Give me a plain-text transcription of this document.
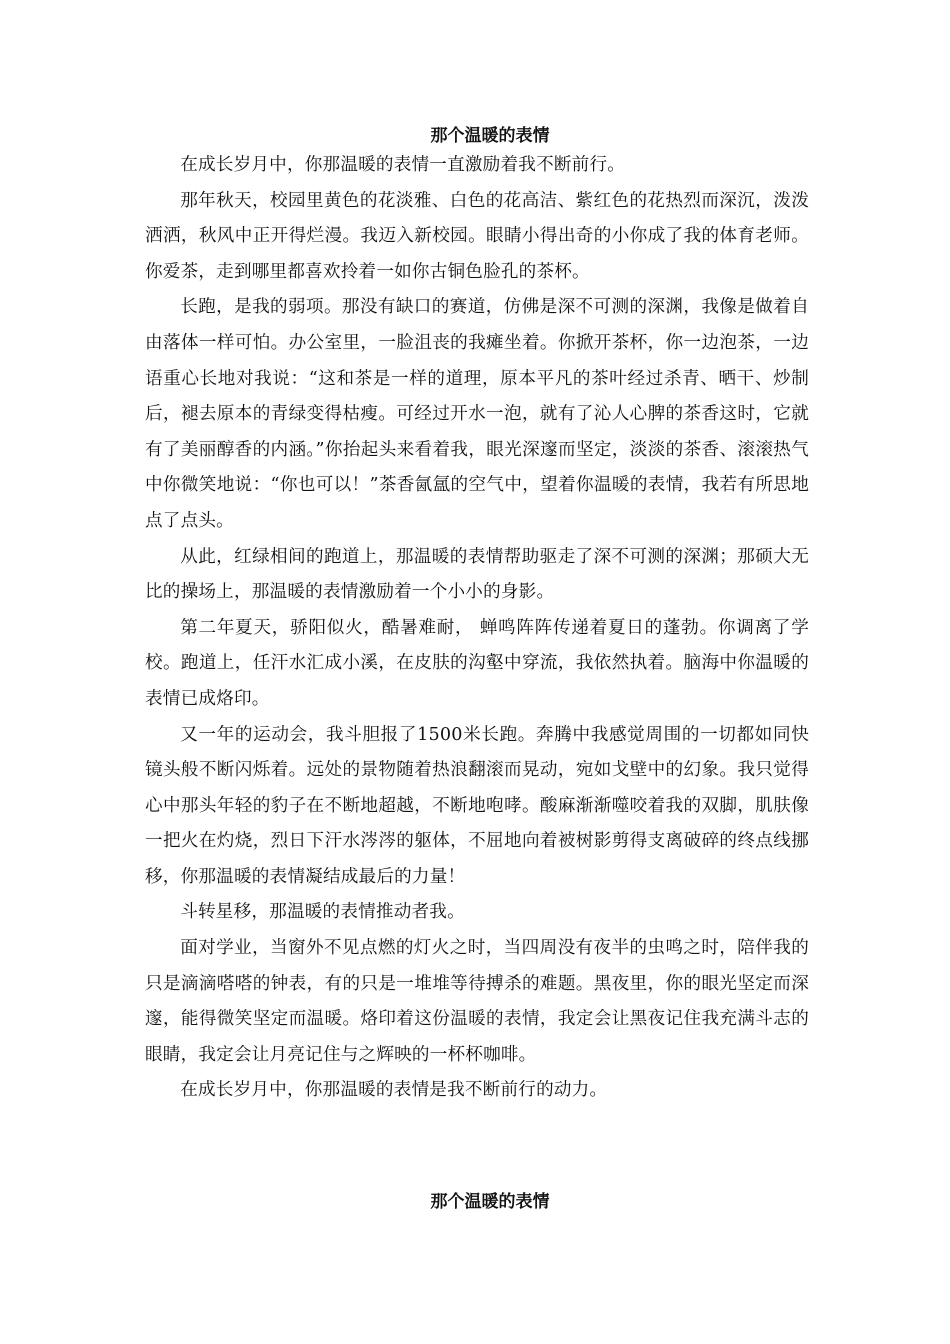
那个温暖的表情

在成长岁月中，你那温暖的表情一直激励着我不断前行。

那年秋天，校园里黄色的花淡雅、白色的花高洁、紫红色的花热烈而深沉，泼泼洒洒，秋风中正开得烂漫。我迈入新校园。眼睛小得出奇的小你成了我的体育老师。你爱茶，走到哪里都喜欢拎着一如你古铜色脸孔的茶杯。

长跑，是我的弱项。那没有缺口的赛道，仿佛是深不可测的深渊，我像是做着自由落体一样可怕。办公室里，一脸沮丧的我瘫坐着。你掀开茶杯，你一边泡茶，一边语重心长地对我说：“这和茶是一样的道理，原本平凡的茶叶经过杀青、晒干、炒制后，褪去原本的青绿变得枯瘦。可经过开水一泡，就有了沁人心脾的茶香这时，它就有了美丽醇香的内涵。”你抬起头来看着我，眼光深邃而坚定，淡淡的茶香、滚滚热气中你微笑地说：“你也可以！”茶香氤氲的空气中，望着你温暖的表情，我若有所思地点了点头。

从此，红绿相间的跑道上，那温暖的表情帮助驱走了深不可测的深渊；那硕大无比的操场上，那温暖的表情激励着一个小小的身影。

第二年夏天，骄阳似火，酷暑难耐， 蝉鸣阵阵传递着夏日的蓬勃。你调离了学校。跑道上，任汗水汇成小溪，在皮肤的沟壑中穿流，我依然执着。脑海中你温暖的表情已成烙印。

又一年的运动会，我斗胆报了1500米长跑。奔腾中我感觉周围的一切都如同快镜头般不断闪烁着。远处的景物随着热浪翻滚而晃动，宛如戈壁中的幻象。我只觉得心中那头年轻的豹子在不断地超越，不断地咆哮。酸麻渐渐噬咬着我的双脚，肌肤像一把火在灼烧，烈日下汗水涔涔的躯体，不屈地向着被树影剪得支离破碎的终点线挪移，你那温暖的表情凝结成最后的力量！

斗转星移，那温暖的表情推动者我。

面对学业，当窗外不见点燃的灯火之时，当四周没有夜半的虫鸣之时，陪伴我的只是滴滴嗒嗒的钟表，有的只是一堆堆等待搏杀的难题。黑夜里，你的眼光坚定而深邃，能得微笑坚定而温暖。烙印着这份温暖的表情，我定会让黑夜记住我充满斗志的眼睛，我定会让月亮记住与之辉映的一杯杯咖啡。

在成长岁月中，你那温暖的表情是我不断前行的动力。

那个温暖的表情
